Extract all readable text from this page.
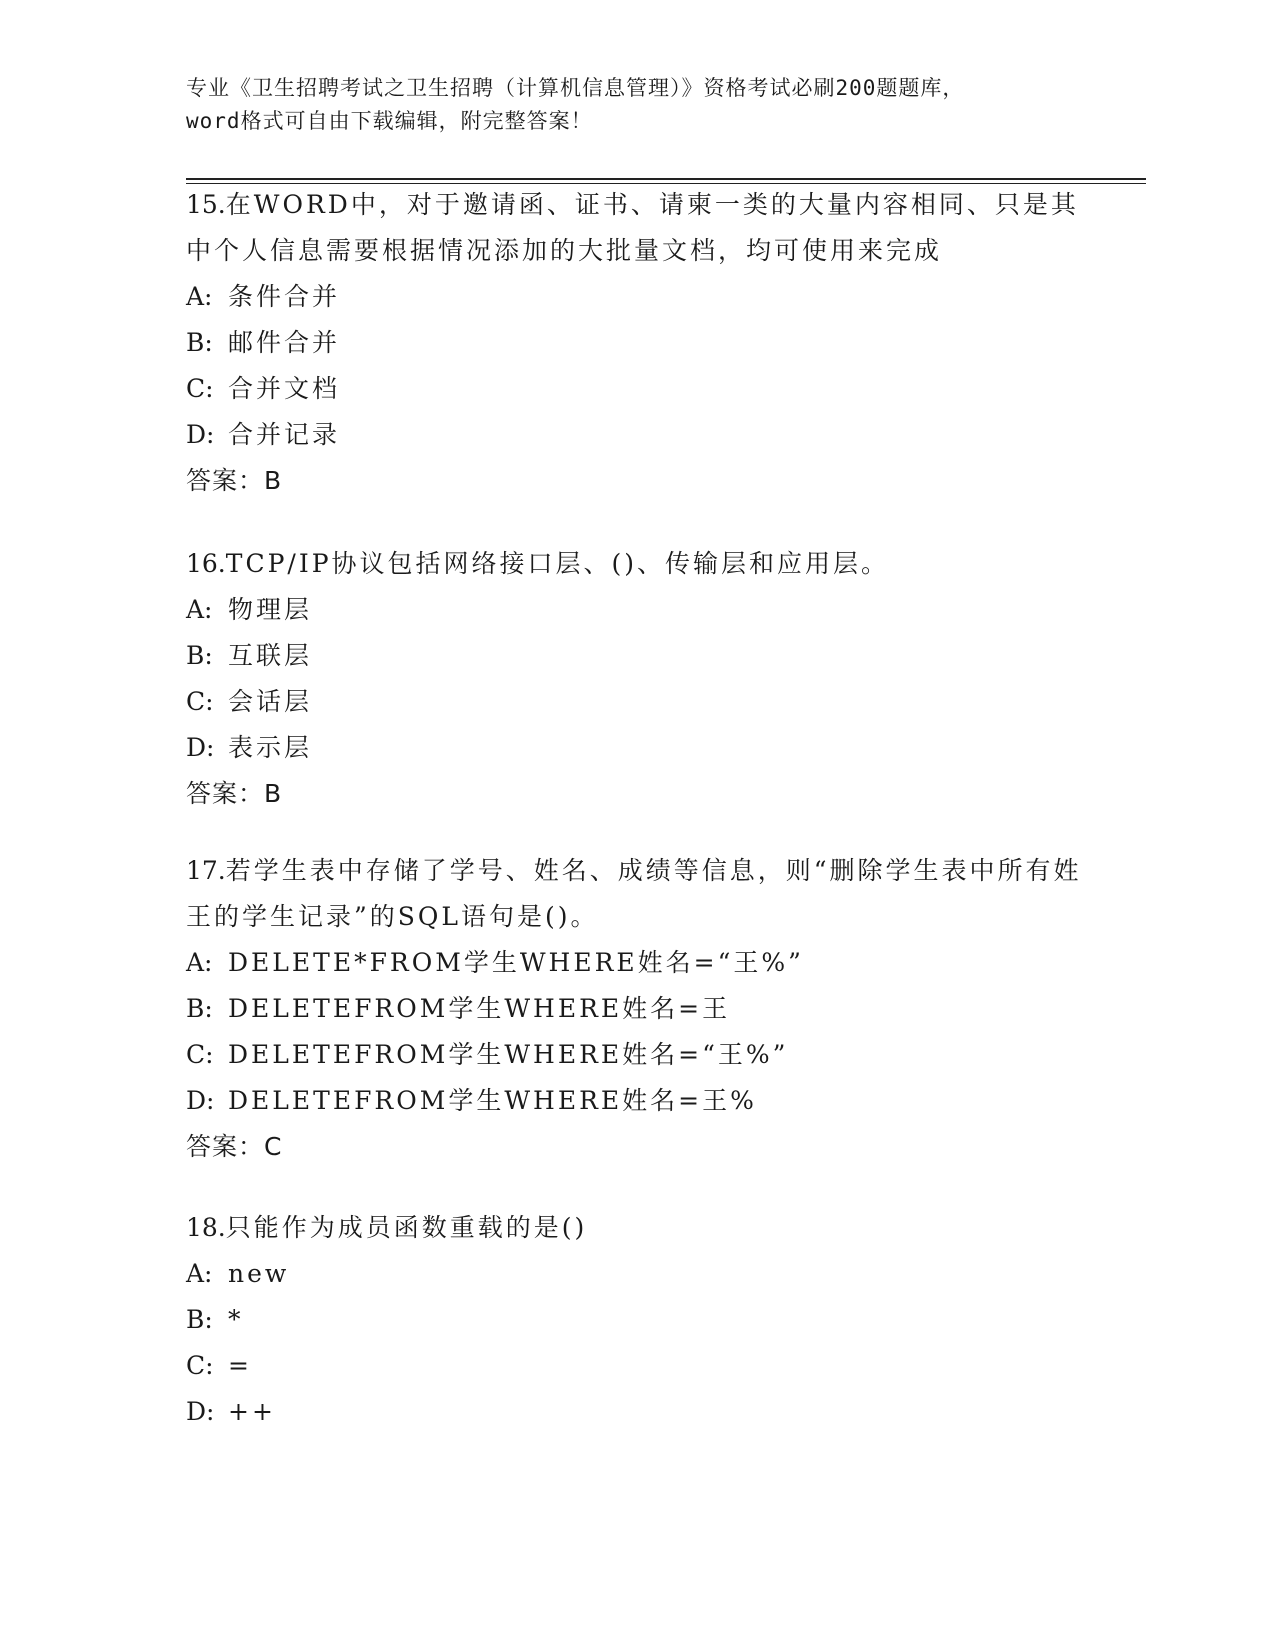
专业《卫生招聘考试之卫生招聘（计算机信息管理）》资格考试必刷200题题库，
word格式可自由下载编辑，附完整答案！
15.在WORD中，对于邀请函、证书、请柬一类的大量内容相同、只是其中个人信息需要根据情况添加的大批量文档，均可使用来完成
A: 条件合并
B: 邮件合并
C: 合并文档
D: 合并记录
答案：B
16.TCP/IP协议包括网络接口层、()、传输层和应用层。
A: 物理层
B: 互联层
C: 会话层
D: 表示层
答案：B
17.若学生表中存储了学号、姓名、成绩等信息，则“删除学生表中所有姓王的学生记录”的SQL语句是()。
A: DELETE*FROM学生WHERE姓名=“王%”
B: DELETEFROM学生WHERE姓名=王
C: DELETEFROM学生WHERE姓名=“王%”
D: DELETEFROM学生WHERE姓名=王%
答案：C
18.只能作为成员函数重载的是()
A: new
B: *
C: =
D: ++
